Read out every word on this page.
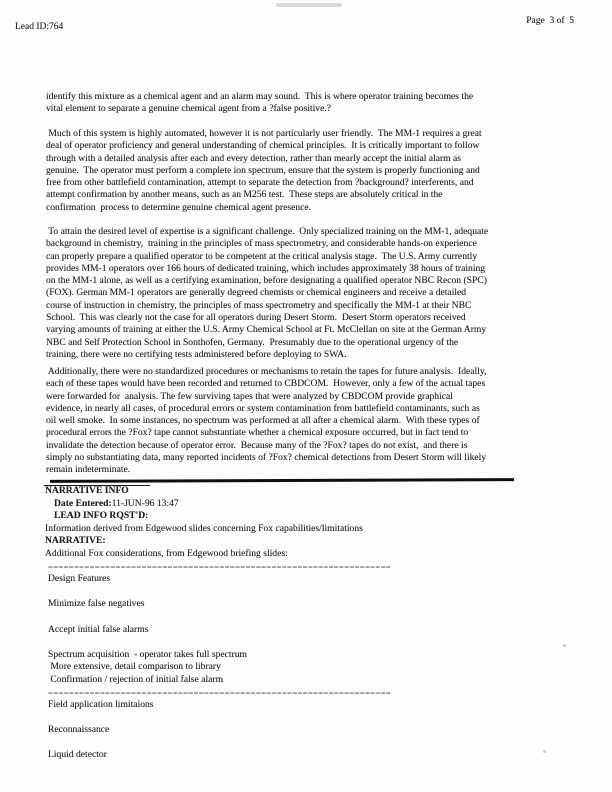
Lead ID:764
Page  3 of  5
identify this mixture as a chemical agent and an alarm may sound.  This is where operator training becomes the
vital element to separate a genuine chemical agent from a ?false positive.?
Much of this system is highly automated, however it is not particularly user friendly.  The MM-1 requires a great
deal of operator proficiency and general understanding of chemical principles.  It is critically important to follow
through with a detailed analysis after each and every detection, rather than mearly accept the initial alarm as
genuine.  The operator must perform a complete ion spectrum, ensure that the system is properly functioning and
free from other battlefield contamination, attempt to separate the detection from ?background? interferents, and
attempt confirmation by another means, such as an M256 test.  These steps are absolutely critical in the
confirmation  process to determine genuine chemical agent presence.
To attain the desired level of expertise is a significant challenge.  Only specialized training on the MM-1, adequate
background in chemistry,  training in the principles of mass spectrometry, and considerable hands-on experience
can properly prepare a qualified operator to be competent at the critical analysis stage.  The U.S. Army currently
provides MM-1 operators over 166 hours of dedicated training, which includes approximately 38 hours of training
on the MM-1 alone, as well as a certifying examination, before designating a qualified operator NBC Recon (SPC)
(FOX). German MM-1 operators are generally degreed chemists or chemical engineers and receive a detailed
course of instruction in chemistry, the principles of mass spectrometry and specifically the MM-1 at their NBC
School.  This was clearly not the case for all operators during Desert Storm.  Desert Storm operators received
varying amounts of training at either the U.S. Army Chemical School at Ft. McClellan on site at the German Army
NBC and Self Protection School in Sonthofen, Germany.  Presumably due to the operational urgency of the
training, there were no certifying tests administered before deploying to SWA.
Additionally, there were no standardized procedures or mechanisms to retain the tapes for future analysis.  Ideally,
each of these tapes would have been recorded and returned to CBDCOM.  However, only a few of the actual tapes
were forwarded for  analysis. The few surviving tapes that were analyzed by CBDCOM provide graphical
evidence, in nearly all cases, of procedural errors or system contamination from battlefield contaminants, such as
oil well smoke.  In some instances, no spectrum was performed at all after a chemical alarm.  With these types of
procedural errors the ?Fox? tape cannot substantiate whether a chemical exposure occurred, but in fact tend to
invalidate the detection because of operator error.  Because many of the ?Fox? tapes do not exist,  and there is
simply no substantiating data, many reported incidents of ?Fox? chemical detections from Desert Storm will likely
remain indeterminate.
NARRATIVE INFO
Date Entered:11-JUN-96 13:47
LEAD INFO RQST'D:
Information derived from Edgewood slides concerning Fox capabilities/limitations
NARRATIVE:
Additional Fox considerations, from Edgewood briefing slides:
==================================================================
Design Features

Minimize false negatives

Accept initial false alarms

Spectrum acquisition  - operator takes full spectrum
More extensive, detail comparison to library
Confirmation / rejection of initial false alarm
==================================================================
Field application limitaions

Reconnaissance

Liquid detector
